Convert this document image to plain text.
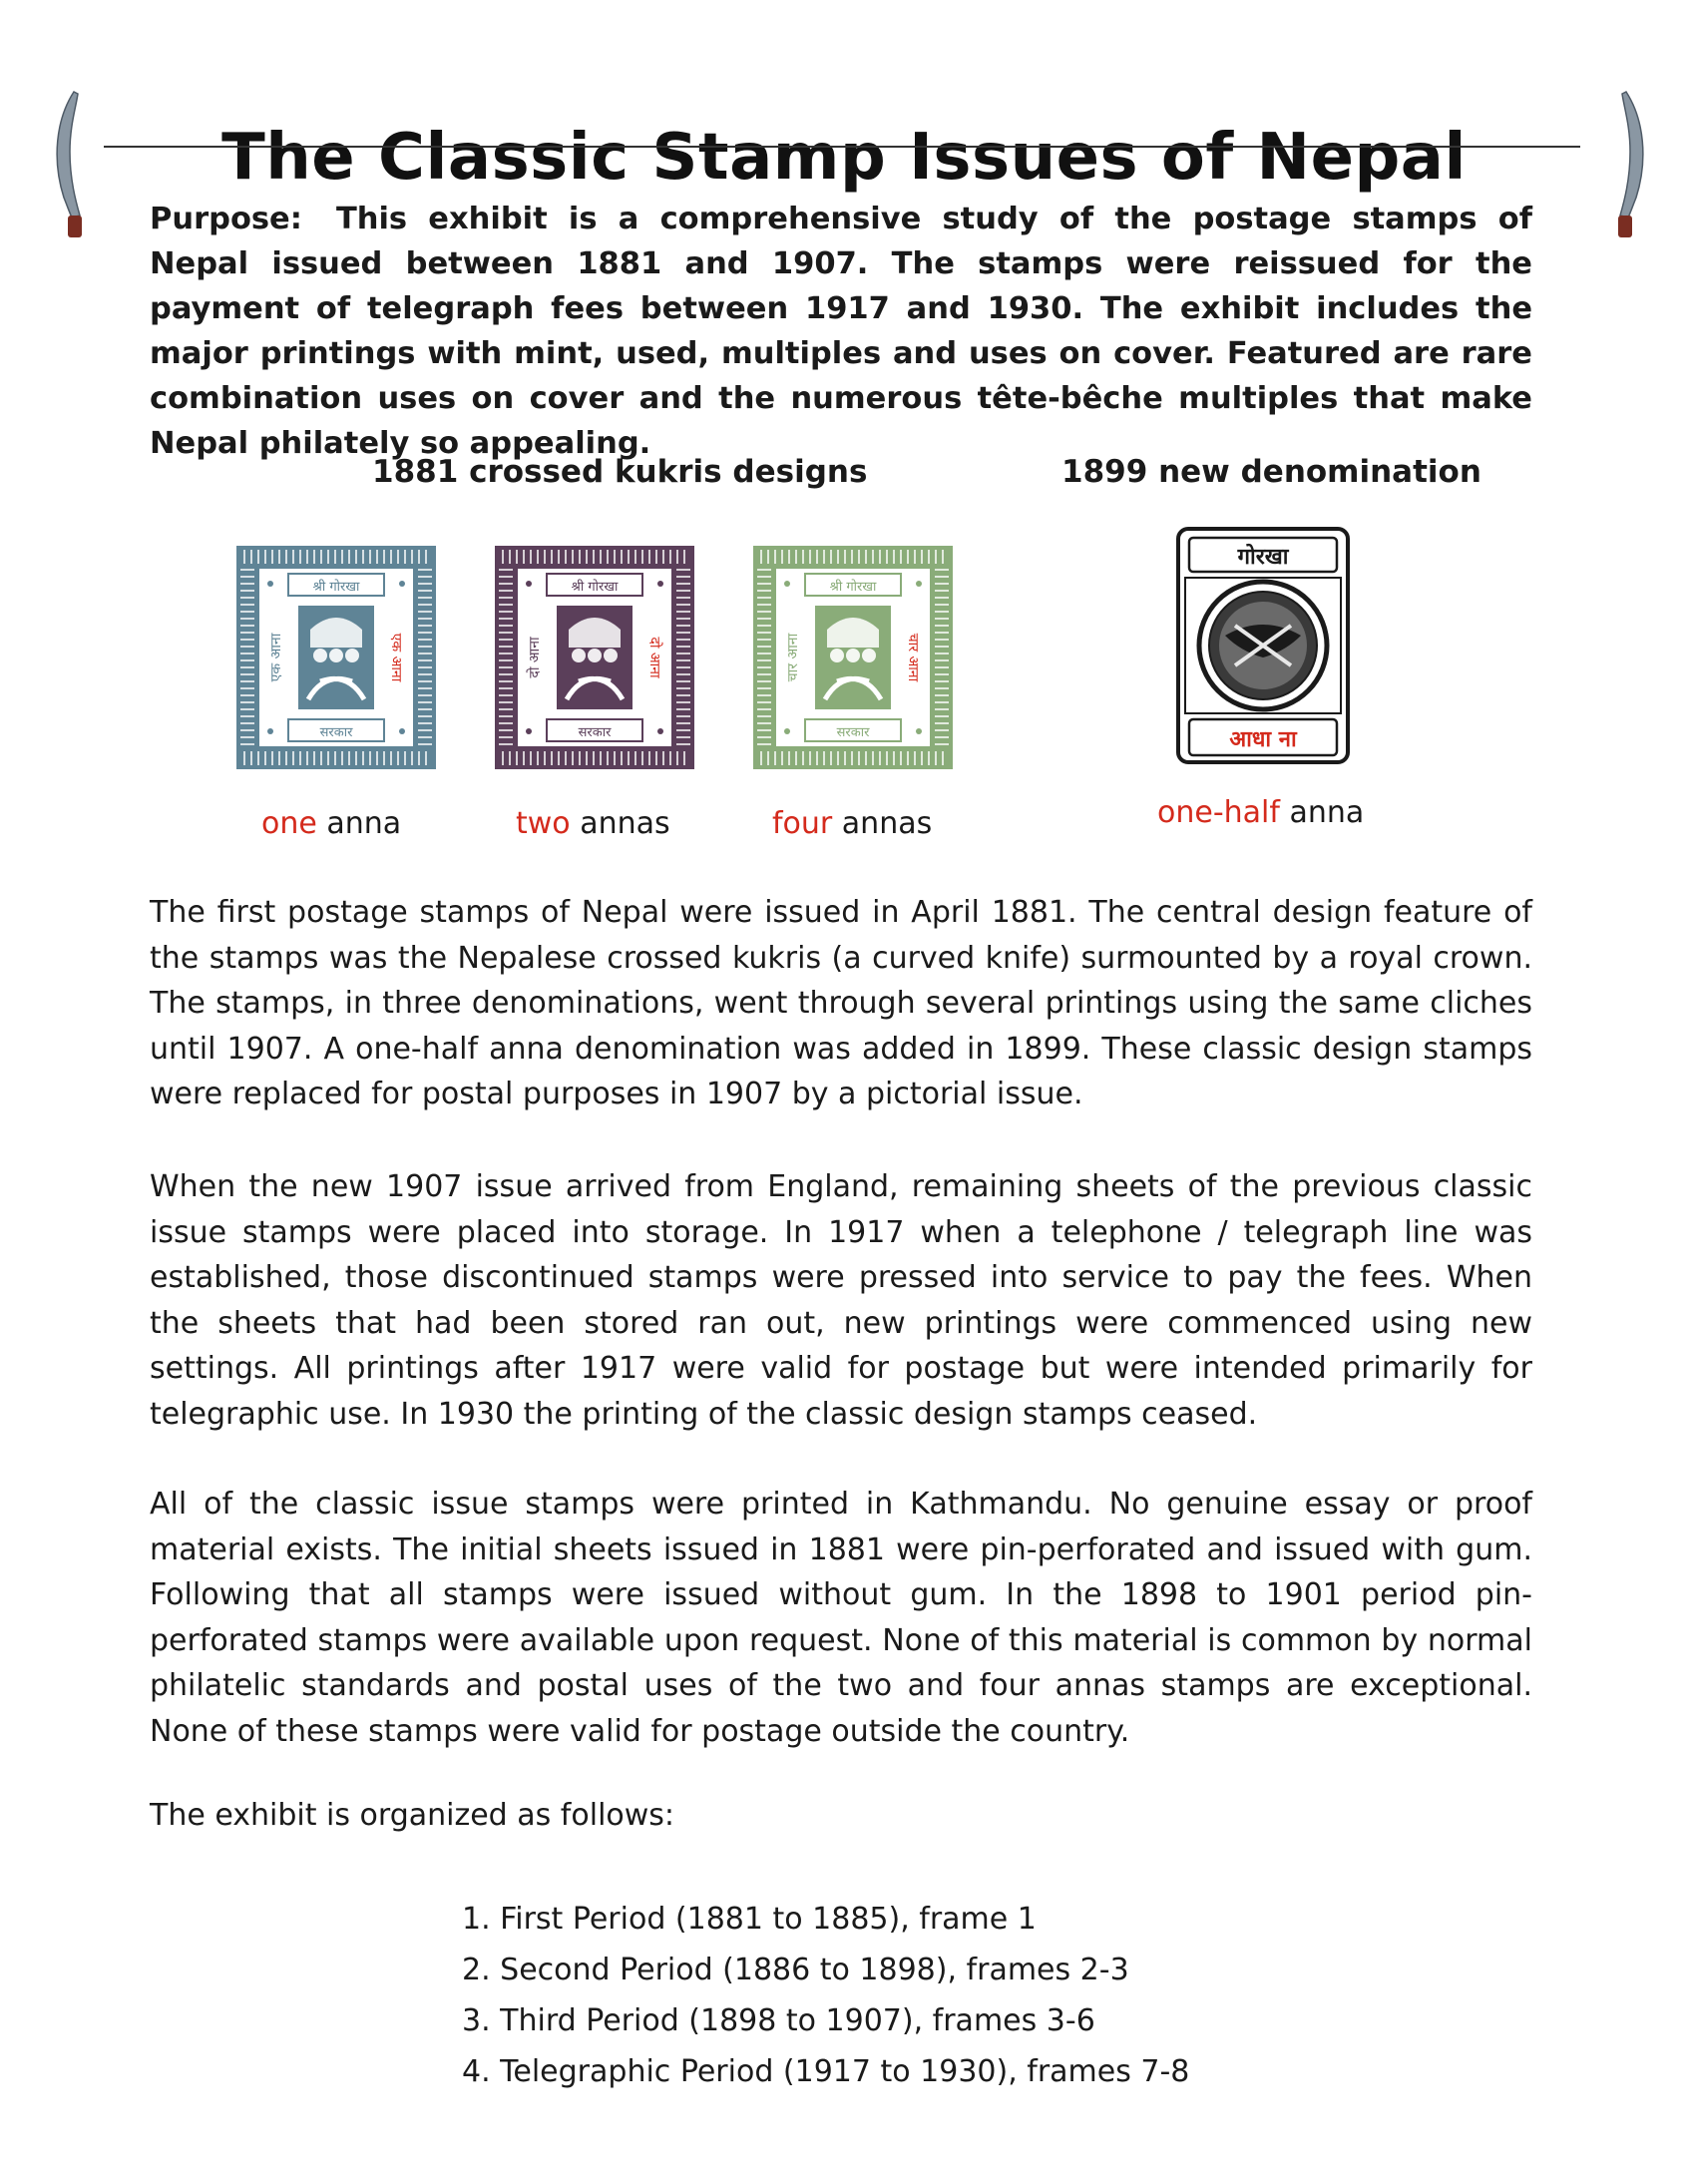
The Classic Stamp Issues of Nepal

Purpose: This exhibit is a comprehensive study of the postage stamps of Nepal issued between 1881 and 1907. The stamps were reissued for the payment of telegraph fees between 1917 and 1930. The exhibit includes the major printings with mint, used, multiples and uses on cover. Featured are rare combination uses on cover and the numerous tête-bêche multiples that make Nepal philately so appealing.

1881 crossed kukris designs	1899 new denomination
श्री गोरखा
सरकार
एक आना	एक आना
श्री गोरखा
सरकार
दो आना	दो आना
श्री गोरखा
सरकार
चार आना	चार आना
गोरखा
आधा ना
one anna	two annas	four annas	one-half anna

The first postage stamps of Nepal were issued in April 1881. The central design feature of the stamps was the Nepalese crossed kukris (a curved knife) surmounted by a royal crown. The stamps, in three denominations, went through several printings using the same cliches until 1907. A one-half anna denomination was added in 1899. These classic design stamps were replaced for postal purposes in 1907 by a pictorial issue.

When the new 1907 issue arrived from England, remaining sheets of the previous classic issue stamps were placed into storage. In 1917 when a telephone / telegraph line was established, those discontinued stamps were pressed into service to pay the fees. When the sheets that had been stored ran out, new printings were commenced using new settings. All printings after 1917 were valid for postage but were intended primarily for telegraphic use. In 1930 the printing of the classic design stamps ceased.

All of the classic issue stamps were printed in Kathmandu. No genuine essay or proof material exists. The initial sheets issued in 1881 were pin-perforated and issued with gum. Following that all stamps were issued without gum. In the 1898 to 1901 period pin-perforated stamps were available upon request. None of this material is common by normal philatelic standards and postal uses of the two and four annas stamps are exceptional. None of these stamps were valid for postage outside the country.

The exhibit is organized as follows:

1. First Period (1881 to 1885), frame 1
2. Second Period (1886 to 1898), frames 2-3
3. Third Period (1898 to 1907), frames 3-6
4. Telegraphic Period (1917 to 1930), frames 7-8
